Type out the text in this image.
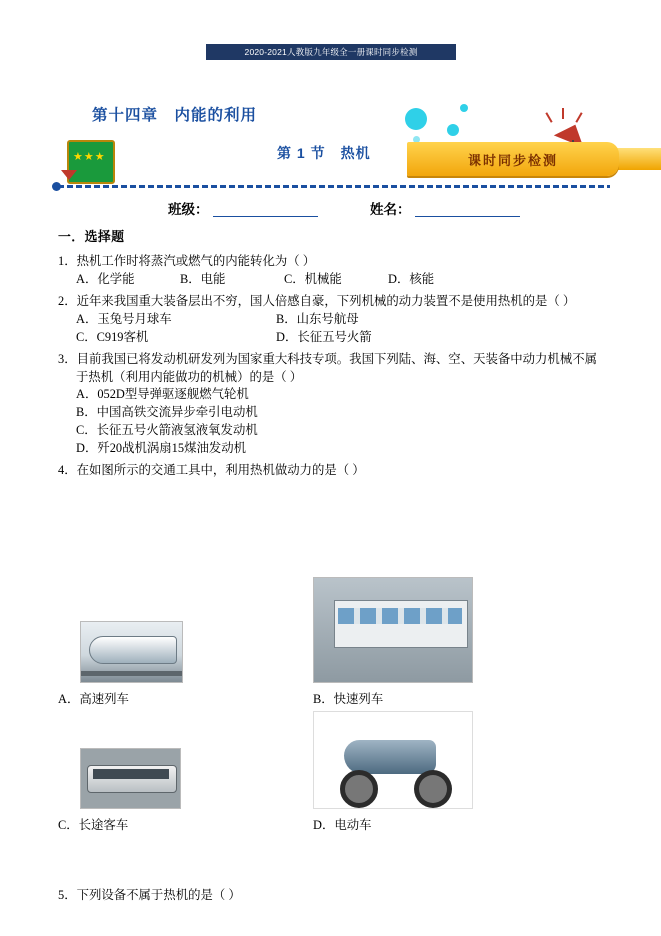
2020-2021人教版九年级全一册课时同步检测
★★★	课时同步检测
第十四章　内能的利用
第 1 节　热机
班级：	姓名：
一．选择题
1．热机工作时将蒸汽或燃气的内能转化为（ ）
A．化学能	B．电能	C．机械能	D．核能
2．近年来我国重大装备层出不穷，国人倍感自豪，下列机械的动力装置不是使用热机的是（ ）
A．玉兔号月球车	B．山东号航母
C．C919客机	D．长征五号火箭
3．目前我国已将发动机研发列为国家重大科技专项。我国下列陆、海、空、天装备中动力机械不属
于热机（利用内能做功的机械）的是（ ）
A．052D型导弹驱逐舰燃气轮机
B．中国高铁交流异步牵引电动机
C．长征五号火箭液氢液氧发动机
D．歼20战机涡扇15煤油发动机
4．在如图所示的交通工具中，利用热机做动力的是（ ）
A．高速列车	B．快速列车
C．长途客车	D．电动车
5．下列设备不属于热机的是（ ）
